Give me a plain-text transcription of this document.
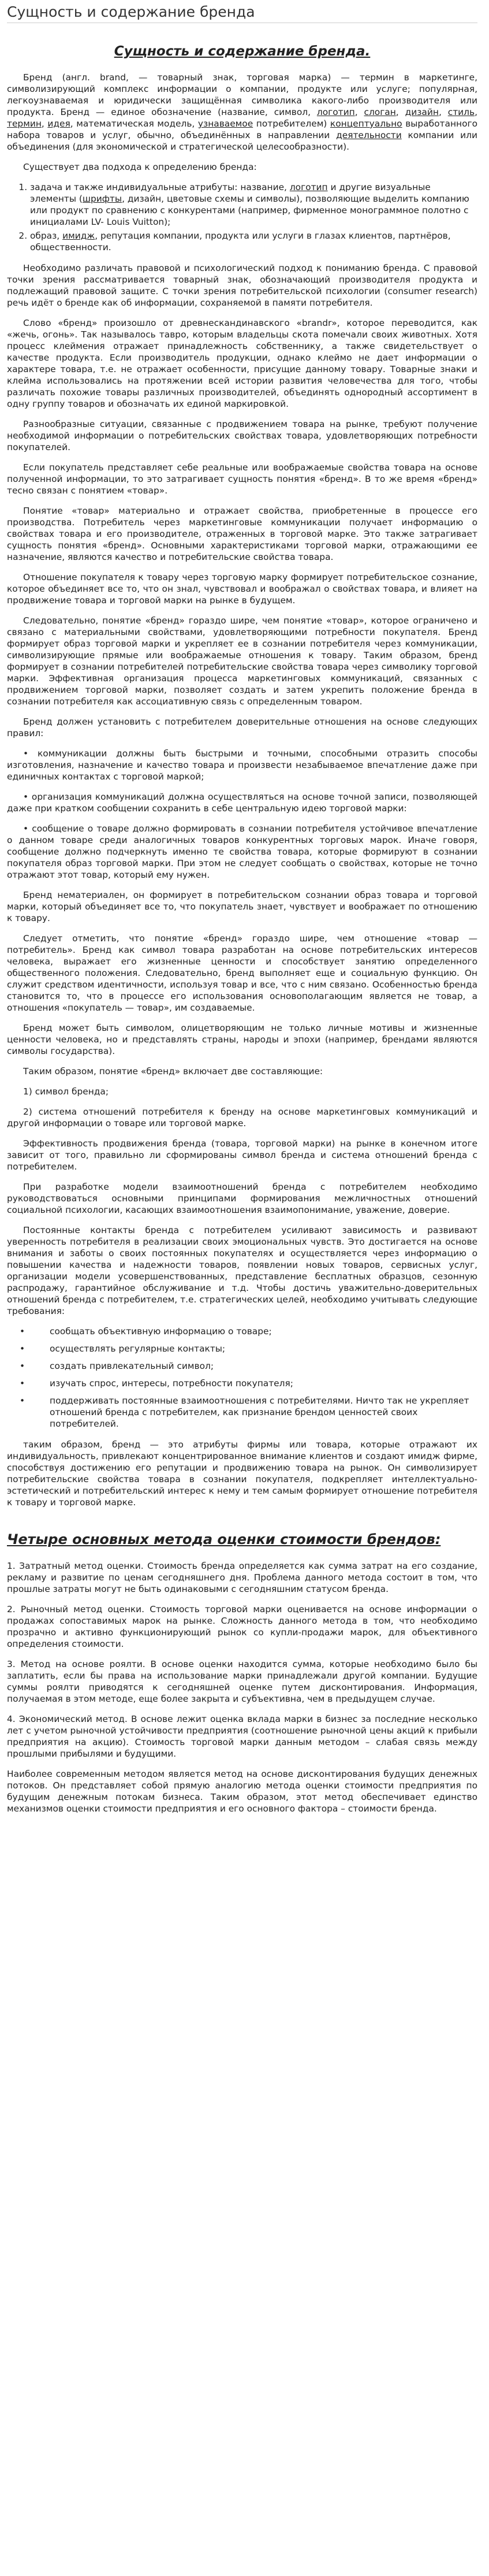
Сущность и содержание бренда
Сущность и содержание бренда.

Бренд (англ. brand, — товарный знак, торговая марка) — термин в маркетинге, символизирующий комплекс информации о компании, продукте или услуге; популярная, легкоузнаваемая и юридически защищённая символика какого-либо производителя или продукта. Бренд — единое обозначение (название, символ, логотип, слоган, дизайн, стиль, термин, идея, математическая модель, узнаваемое потребителем) концептуально выработанного набора товаров и услуг, обычно, объединённых в направлении деятельности компании или объединения (для экономической и стратегической целесообразности).

Существует два подхода к определению бренда:

1. задача и также индивидуальные атрибуты: название, логотип и другие визуальные элементы (шрифты, дизайн, цветовые схемы и символы), позволяющие выделить компанию или продукт по сравнению с конкурентами (например, фирменное монограммное полотно с инициалами LV- Louis Vuitton);
2. образ, имидж, репутация компании, продукта или услуги в глазах клиентов, партнёров, общественности.

Необходимо различать правовой и психологический подход к пониманию бренда. С правовой точки зрения рассматривается товарный знак, обозначающий производителя продукта и подлежащий правовой защите. С точки зрения потребительской психологии (consumer research) речь идёт о бренде как об информации, сохраняемой в памяти потребителя.

Слово «бренд» произошло от древнескандинавского «brandr», которое переводится, как «жечь, огонь». Так называлось тавро, которым владельцы скота помечали своих животных. Хотя процесс клеймения отражает принадлежность собственнику, а также свидетельствует о качестве продукта. Если производитель продукции, однако клеймо не дает информации о характере товара, т.е. не отражает особенности, присущие данному товару. Товарные знаки и клейма использовались на протяжении всей истории развития человечества для того, чтобы различать похожие товары различных производителей, объединять однородный ассортимент в одну группу товаров и обозначать их единой маркировкой.

Разнообразные ситуации, связанные с продвижением товара на рынке, требуют получение необходимой информации о потребительских свойствах товара, удовлетворяющих потребности покупателей.

Если покупатель представляет себе реальные или воображаемые свойства товара на основе полученной информации, то это затрагивает сущность понятия «бренд». В то же время «бренд» тесно связан с понятием «товар».

Понятие «товар» материально и отражает свойства, приобретенные в процессе его производства. Потребитель через маркетинговые коммуникации получает информацию о свойствах товара и его производителе, отраженных в торговой марке. Это также затрагивает сущность понятия «бренд». Основными характеристиками торговой марки, отражающими ее назначение, являются качество и потребительские свойства товара.

Отношение покупателя к товару через торговую марку формирует потребительское сознание, которое объединяет все то, что он знал, чувствовал и воображал о свойствах товара, и влияет на продвижение товара и торговой марки на рынке в будущем.

Следовательно, понятие «бренд» гораздо шире, чем понятие «товар», которое ограничено и связано с материальными свойствами, удовлетворяющими потребности покупателя. Бренд формирует образ торговой марки и укрепляет ее в сознании потребителя через коммуникации, символизирующие прямые или воображаемые отношения к товару. Таким образом, бренд формирует в сознании потребителей потребительские свойства товара через символику торговой марки. Эффективная организация процесса маркетинговых коммуникаций, связанных с продвижением торговой марки, позволяет создать и затем укрепить положение бренда в сознании потребителя как ассоциативную связь с определенным товаром.

Бренд должен установить с потребителем доверительные отношения на основе следующих правил:

• коммуникации должны быть быстрыми и точными, способными отразить способы изготовления, назначение и качество товара и произвести незабываемое впечатление даже при единичных контактах с торговой маркой;

• организация коммуникаций должна осуществляться на основе точной записи, позволяющей даже при кратком сообщении сохранить в себе центральную идею торговой марки:

• сообщение о товаре должно формировать в сознании потребителя устойчивое впечатление о данном товаре среди аналогичных товаров конкурентных торговых марок. Иначе говоря, сообщение должно подчеркнуть именно те свойства товара, которые формируют в сознании покупателя образ торговой марки. При этом не следует сообщать о свойствах, которые не точно отражают этот товар, который ему нужен.

Бренд нематериален, он формирует в потребительском сознании образ товара и торговой марки, который объединяет все то, что покупатель знает, чувствует и воображает по отношению к товару.

Следует отметить, что понятие «бренд» гораздо шире, чем отношение «товар — потребитель». Бренд как символ товара разработан на основе потребительских интересов человека, выражает его жизненные ценности и способствует занятию определенного общественного положения. Следовательно, бренд выполняет еще и социальную функцию. Он служит средством идентичности, используя товар и все, что с ним связано. Особенностью бренда становится то, что в процессе его использования основополагающим является не товар, а отношения «покупатель — товар», им создаваемые.

Бренд может быть символом, олицетворяющим не только личные мотивы и жизненные ценности человека, но и представлять страны, народы и эпохи (например, брендами являются символы государства).

Таким образом, понятие «бренд» включает две составляющие:

1) символ бренда;

2) система отношений потребителя к бренду на основе маркетинговых коммуникаций и другой информации о товаре или торговой марке.

Эффективность продвижения бренда (товара, торговой марки) на рынке в конечном итоге зависит от того, правильно ли сформированы символ бренда и система отношений бренда с потребителем.

При разработке модели взаимоотношений бренда с потребителем необходимо руководствоваться основными принципами формирования межличностных отношений социальной психологии, касающих взаимоотношения взаимопонимание, уважение, доверие.

Постоянные контакты бренда с потребителем усиливают зависимость и развивают уверенность потребителя в реализации своих эмоциональных чувств. Это достигается на основе внимания и заботы о своих постоянных покупателях и осуществляется через информацию о повышении качества и надежности товаров, появлении новых товаров, сервисных услуг, организации модели усовершенствованных, представление бесплатных образцов, сезонную распродажу, гарантийное обслуживание и т.д. Чтобы достичь уважительно-доверительных отношений бренда с потребителем, т.е. стратегических целей, необходимо учитывать следующие требования:

• сообщать объективную информацию о товаре;
• осуществлять регулярные контакты;
• создать привлекательный символ;
• изучать спрос, интересы, потребности покупателя;
• поддерживать постоянные взаимоотношения с потребителями. Ничто так не укрепляет отношений бренда с потребителем, как признание брендом ценностей своих потребителей.

таким образом, бренд — это атрибуты фирмы или товара, которые отражают их индивидуальность, привлекают концентрированное внимание клиентов и создают имидж фирме, способствуя достижению его репутации и продвижению товара на рынок. Он символизирует потребительские свойства товара в сознании покупателя, подкрепляет интеллектуально-эстетический и потребительский интерес к нему и тем самым формирует отношение потребителя к товару и торговой марке.

Четыре основных метода оценки стоимости брендов:

1. Затратный метод оценки. Стоимость бренда определяется как сумма затрат на его создание, рекламу и развитие по ценам сегодняшнего дня. Проблема данного метода состоит в том, что прошлые затраты могут не быть одинаковыми с сегодняшним статусом бренда.

2. Рыночный метод оценки. Стоимость торговой марки оценивается на основе информации о продажах сопоставимых марок на рынке. Сложность данного метода в том, что необходимо прозрачно и активно функционирующий рынок со купли-продажи марок, для объективного определения стоимости.

3. Метод на основе роялти. В основе оценки находится сумма, которые необходимо было бы заплатить, если бы права на использование марки принадлежали другой компании. Будущие суммы роялти приводятся к сегодняшней оценке путем дисконтирования. Информация, получаемая в этом методе, еще более закрыта и субъективна, чем в предыдущем случае.

4. Экономический метод. В основе лежит оценка вклада марки в бизнес за последние несколько лет с учетом рыночной устойчивости предприятия (соотношение рыночной цены акций к прибыли предприятия на акцию). Стоимость торговой марки данным методом – слабая связь между прошлыми прибылями и будущими.

Наиболее современным методом является метод на основе дисконтирования будущих денежных потоков. Он представляет собой прямую аналогию метода оценки стоимости предприятия по будущим денежным потокам бизнеса. Таким образом, этот метод обеспечивает единство механизмов оценки стоимости предприятия и его основного фактора – стоимости бренда.
